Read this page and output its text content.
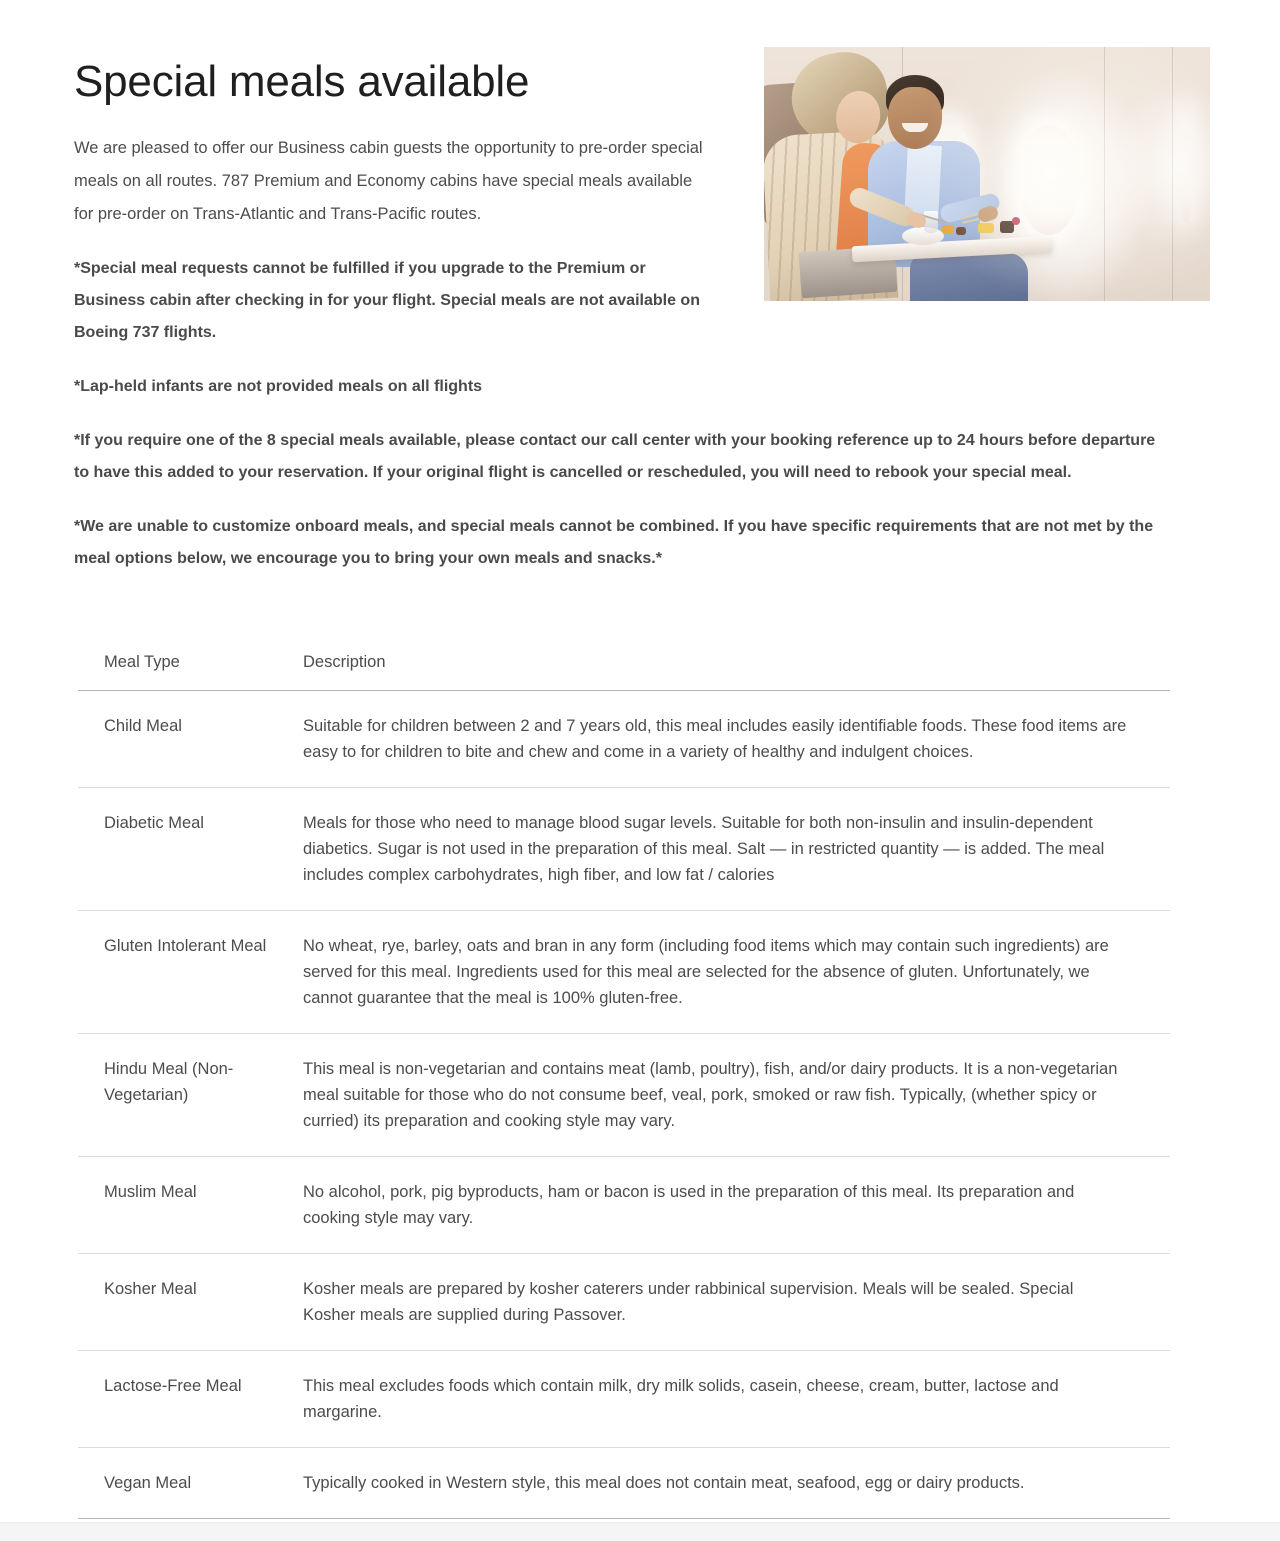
Special meals available

We are pleased to offer our Business cabin guests the opportunity to pre-order special meals on all routes. 787 Premium and Economy cabins have special meals available for pre-order on Trans-Atlantic and Trans-Pacific routes.

*Special meal requests cannot be fulfilled if you upgrade to the Premium or Business cabin after checking in for your flight. Special meals are not available on Boeing 737 flights.

*Lap-held infants are not provided meals on all flights

*If you require one of the 8 special meals available, please contact our call center with your booking reference up to 24 hours before departure to have this added to your reservation. If your original flight is cancelled or rescheduled, you will need to rebook your special meal.

*We are unable to customize onboard meals, and special meals cannot be combined. If you have specific requirements that are not met by the meal options below, we encourage you to bring your own meals and snacks.*

Meal Type	Description
Child Meal	Suitable for children between 2 and 7 years old, this meal includes easily identifiable foods. These food items are easy to for children to bite and chew and come in a variety of healthy and indulgent choices.
Diabetic Meal	Meals for those who need to manage blood sugar levels. Suitable for both non-insulin and insulin-dependent diabetics. Sugar is not used in the preparation of this meal. Salt — in restricted quantity — is added. The meal includes complex carbohydrates, high fiber, and low fat / calories
Gluten Intolerant Meal	No wheat, rye, barley, oats and bran in any form (including food items which may contain such ingredients) are served for this meal. Ingredients used for this meal are selected for the absence of gluten. Unfortunately, we cannot guarantee that the meal is 100% gluten-free.
Hindu Meal (Non-Vegetarian)	This meal is non-vegetarian and contains meat (lamb, poultry), fish, and/or dairy products. It is a non-vegetarian meal suitable for those who do not consume beef, veal, pork, smoked or raw fish. Typically, (whether spicy or curried) its preparation and cooking style may vary.
Muslim Meal	No alcohol, pork, pig byproducts, ham or bacon is used in the preparation of this meal. Its preparation and cooking style may vary.
Kosher Meal	Kosher meals are prepared by kosher caterers under rabbinical supervision. Meals will be sealed. Special Kosher meals are supplied during Passover.
Lactose-Free Meal	This meal excludes foods which contain milk, dry milk solids, casein, cheese, cream, butter, lactose and margarine.
Vegan Meal	Typically cooked in Western style, this meal does not contain meat, seafood, egg or dairy products.
